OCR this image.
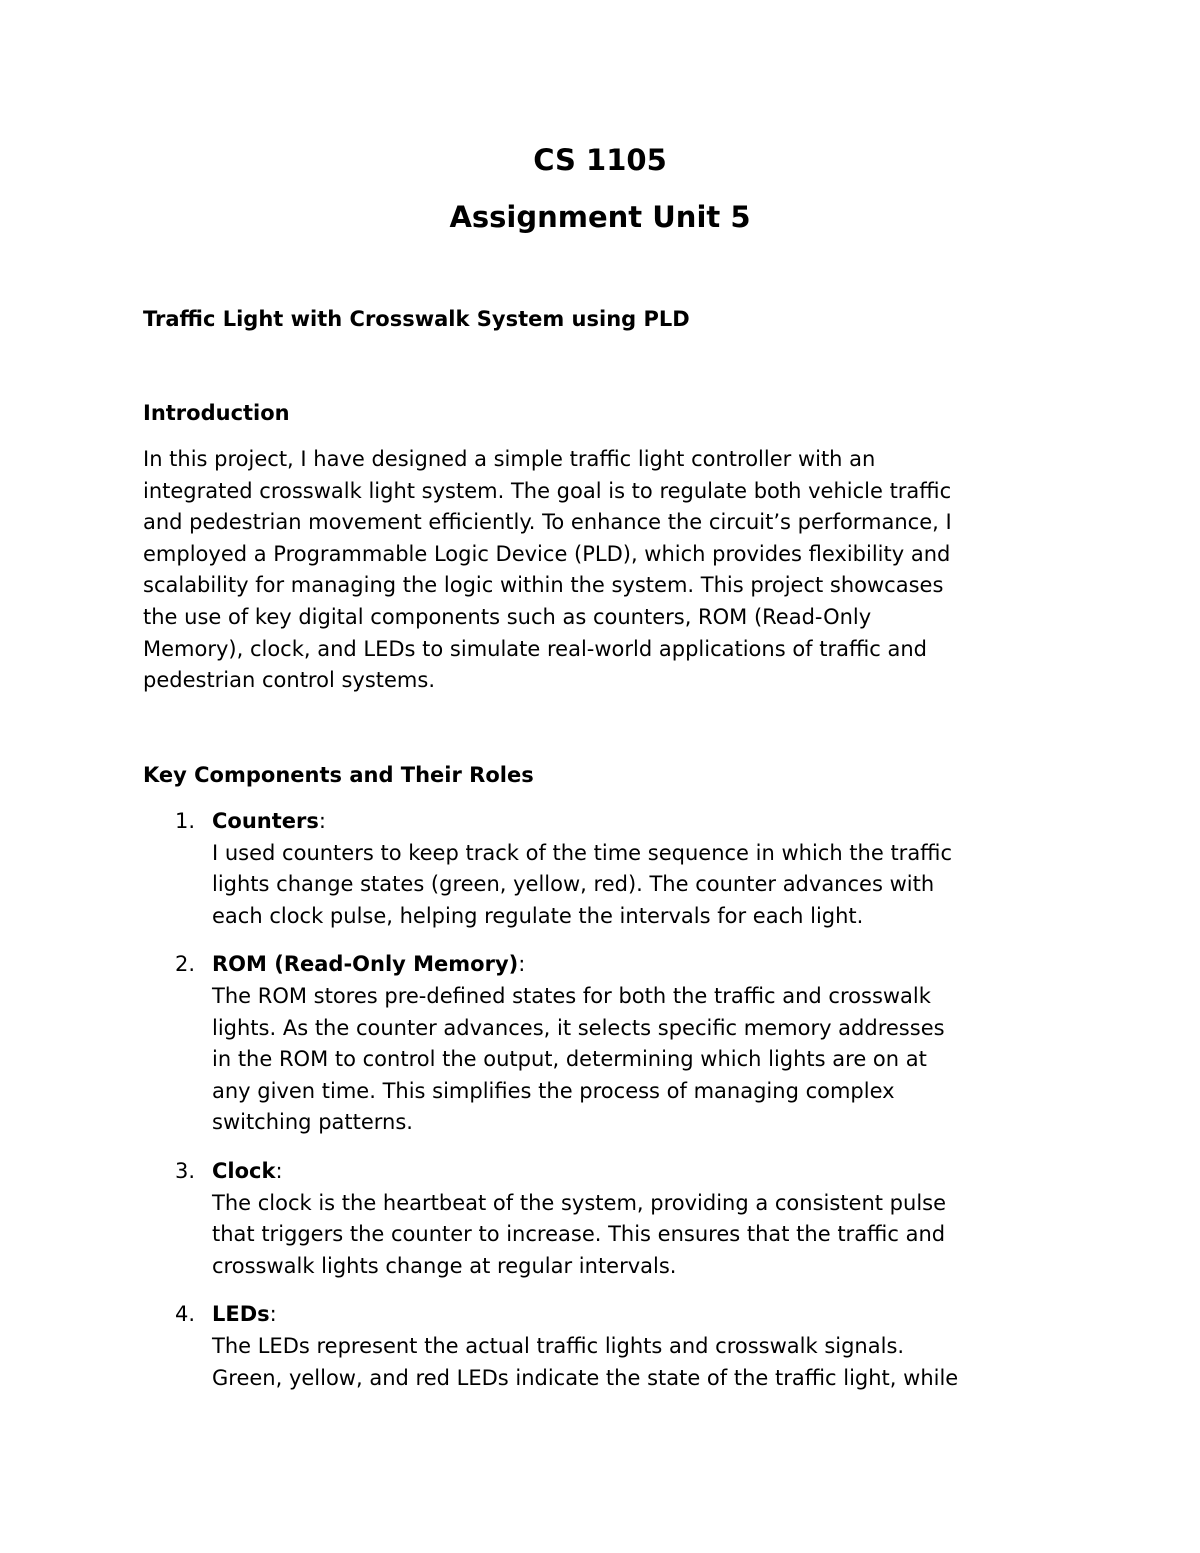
CS 1105
Assignment Unit 5
Traffic Light with Crosswalk System using PLD
Introduction
In this project, I have designed a simple traffic light controller with an
integrated crosswalk light system. The goal is to regulate both vehicle traffic
and pedestrian movement efficiently. To enhance the circuit’s performance, I
employed a Programmable Logic Device (PLD), which provides flexibility and
scalability for managing the logic within the system. This project showcases
the use of key digital components such as counters, ROM (Read-Only
Memory), clock, and LEDs to simulate real-world applications of traffic and
pedestrian control systems.
Key Components and Their Roles
1. Counters:
I used counters to keep track of the time sequence in which the traffic
lights change states (green, yellow, red). The counter advances with
each clock pulse, helping regulate the intervals for each light.
2. ROM (Read-Only Memory):
The ROM stores pre-defined states for both the traffic and crosswalk
lights. As the counter advances, it selects specific memory addresses
in the ROM to control the output, determining which lights are on at
any given time. This simplifies the process of managing complex
switching patterns.
3. Clock:
The clock is the heartbeat of the system, providing a consistent pulse
that triggers the counter to increase. This ensures that the traffic and
crosswalk lights change at regular intervals.
4. LEDs:
The LEDs represent the actual traffic lights and crosswalk signals.
Green, yellow, and red LEDs indicate the state of the traffic light, while
